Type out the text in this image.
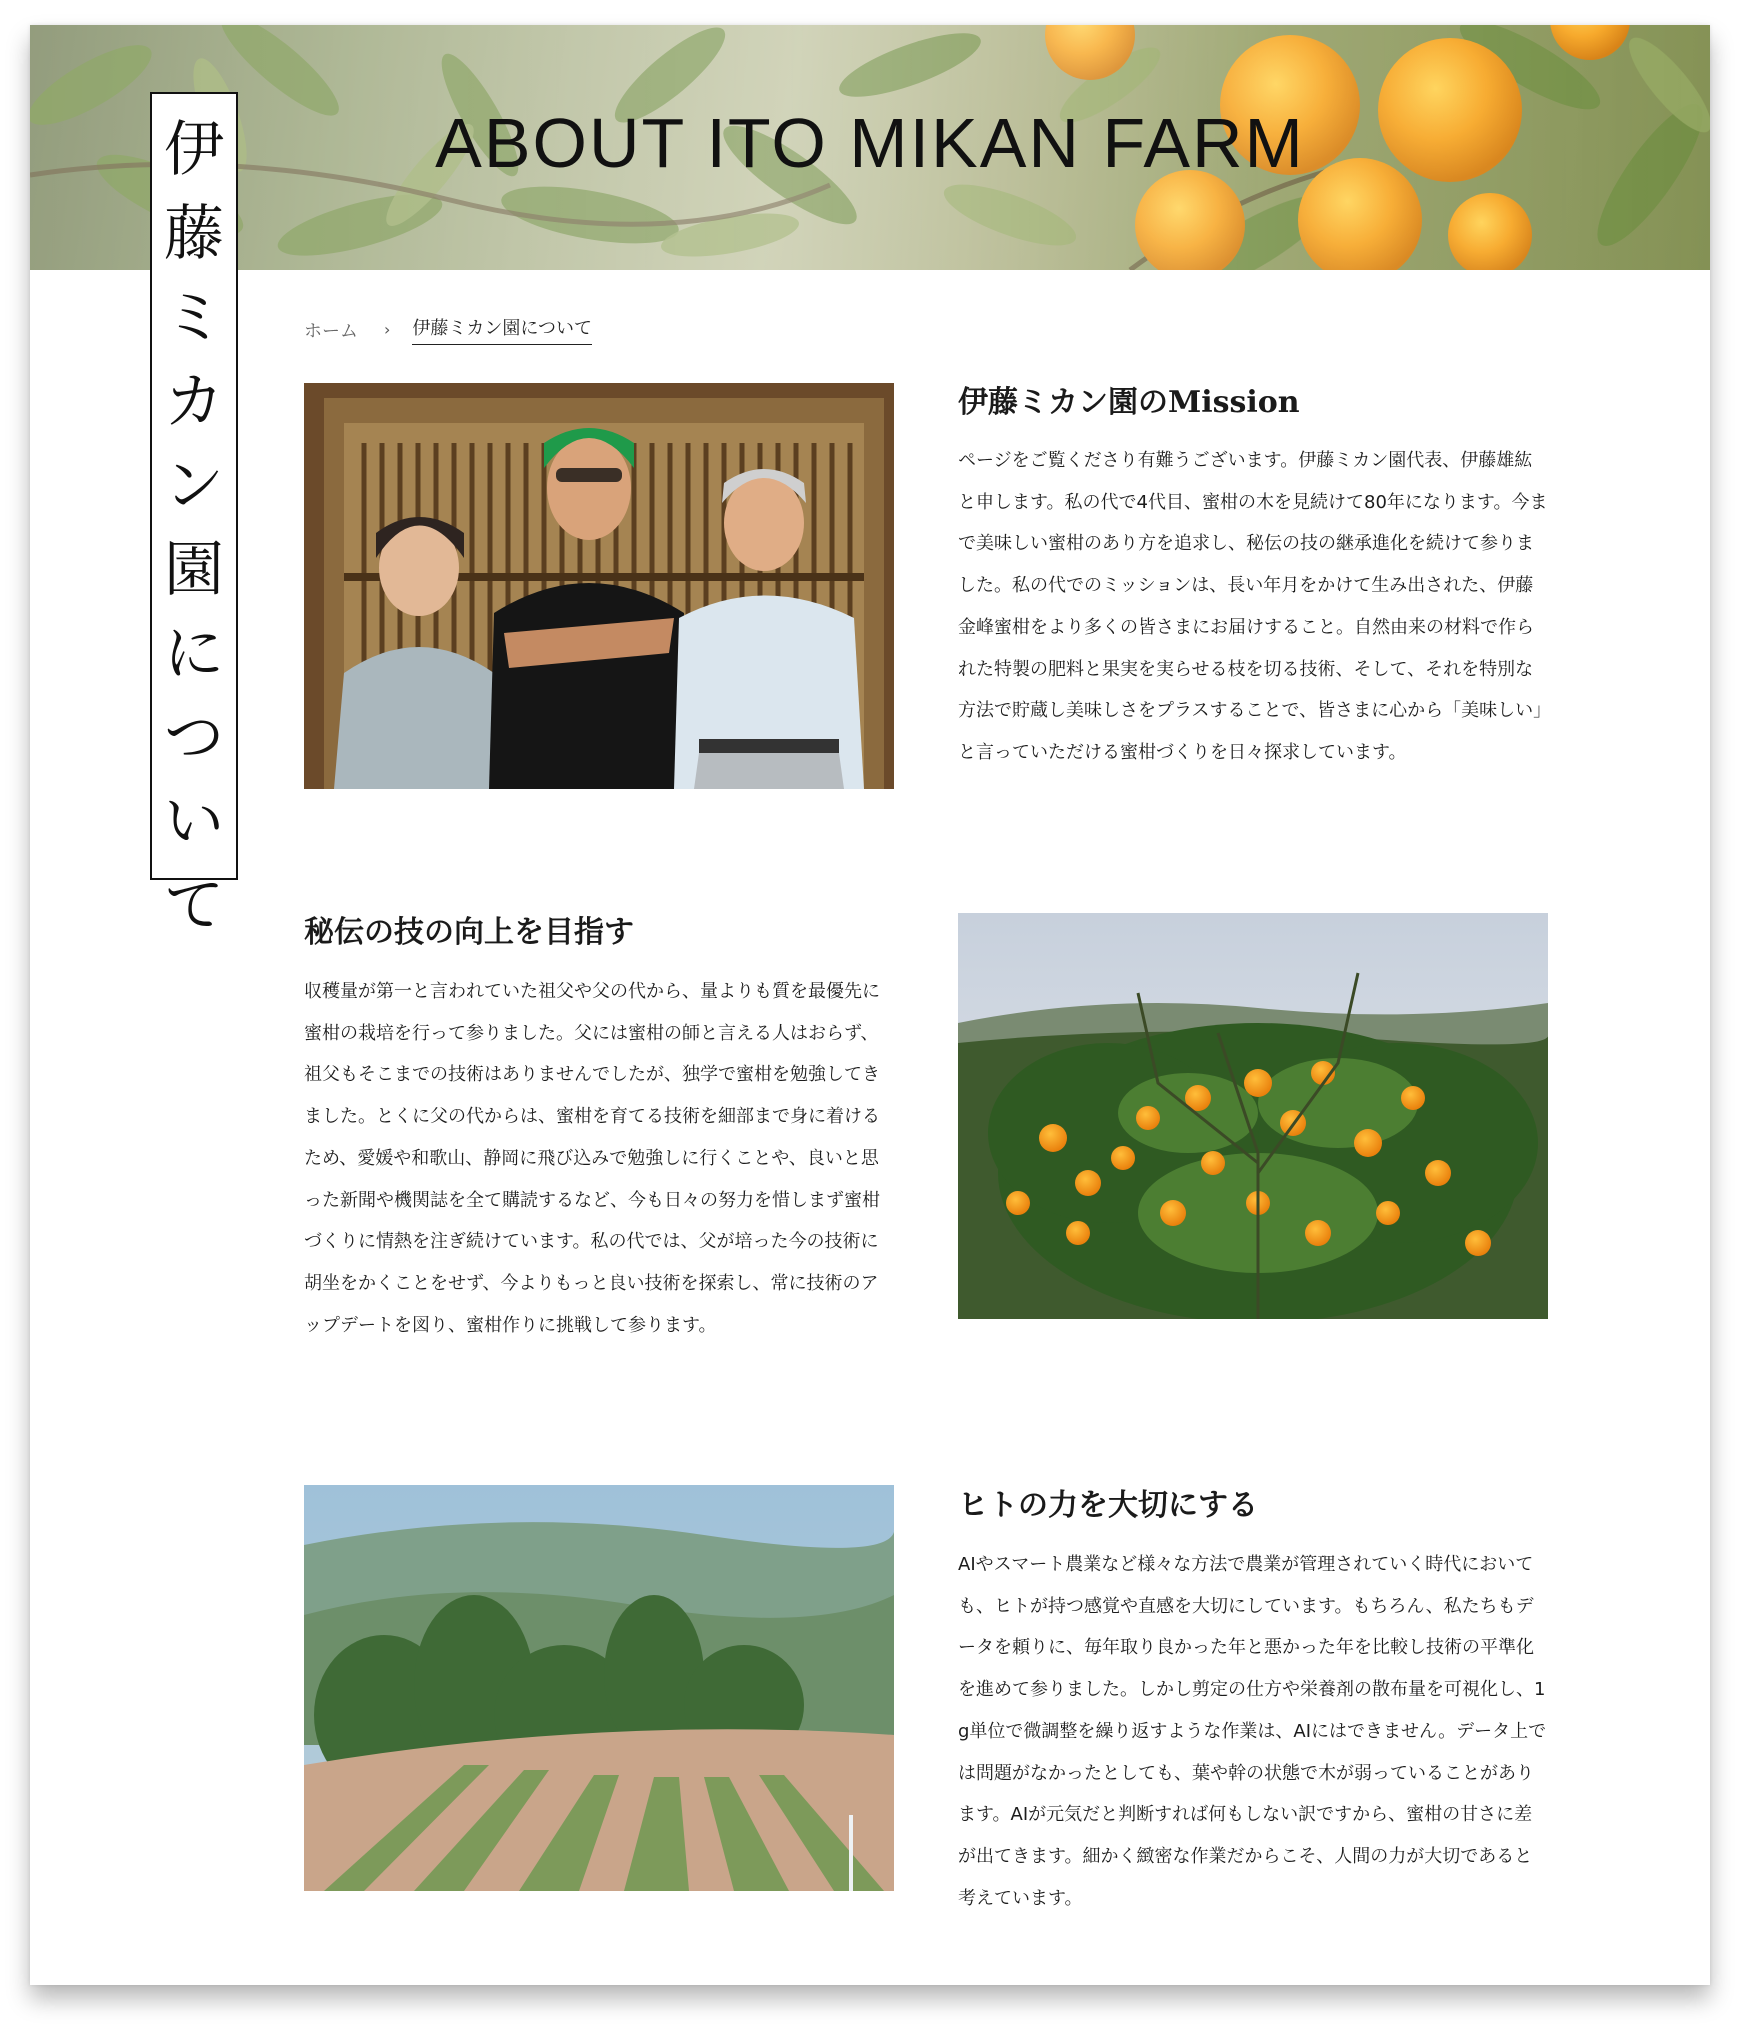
ABOUT ITO MIKAN FARM
伊
藤
ミ
カ
ン
園
に
つ
い
て
ホーム › 伊藤ミカン園について
伊藤ミカン園のMission

ページをご覧くださり有難うございます。伊藤ミカン園代表、伊藤雄紘と申します。私の代で4代目、蜜柑の木を見続けて80年になります。今まで美味しい蜜柑のあり方を追求し、秘伝の技の継承進化を続けて参りました。私の代でのミッションは、長い年月をかけて生み出された、伊藤金峰蜜柑をより多くの皆さまにお届けすること。自然由来の材料で作られた特製の肥料と果実を実らせる枝を切る技術、そして、それを特別な方法で貯蔵し美味しさをプラスすることで、皆さまに心から「美味しい」と言っていただける蜜柑づくりを日々探求しています。

秘伝の技の向上を目指す

収穫量が第一と言われていた祖父や父の代から、量よりも質を最優先に蜜柑の栽培を行って参りました。父には蜜柑の師と言える人はおらず、祖父もそこまでの技術はありませんでしたが、独学で蜜柑を勉強してきました。とくに父の代からは、蜜柑を育てる技術を細部まで身に着けるため、愛媛や和歌山、静岡に飛び込みで勉強しに行くことや、良いと思った新聞や機関誌を全て購読するなど、今も日々の努力を惜しまず蜜柑づくりに情熱を注ぎ続けています。私の代では、父が培った今の技術に胡坐をかくことをせず、今よりもっと良い技術を探索し、常に技術のアップデートを図り、蜜柑作りに挑戦して参ります。

ヒトの力を大切にする

AIやスマート農業など様々な方法で農業が管理されていく時代においても、ヒトが持つ感覚や直感を大切にしています。もちろん、私たちもデータを頼りに、毎年取り良かった年と悪かった年を比較し技術の平準化を進めて参りました。しかし剪定の仕方や栄養剤の散布量を可視化し、1g単位で微調整を繰り返すような作業は、AIにはできません。データ上では問題がなかったとしても、葉や幹の状態で木が弱っていることがあります。AIが元気だと判断すれば何もしない訳ですから、蜜柑の甘さに差が出てきます。細かく緻密な作業だからこそ、人間の力が大切であると考えています。
